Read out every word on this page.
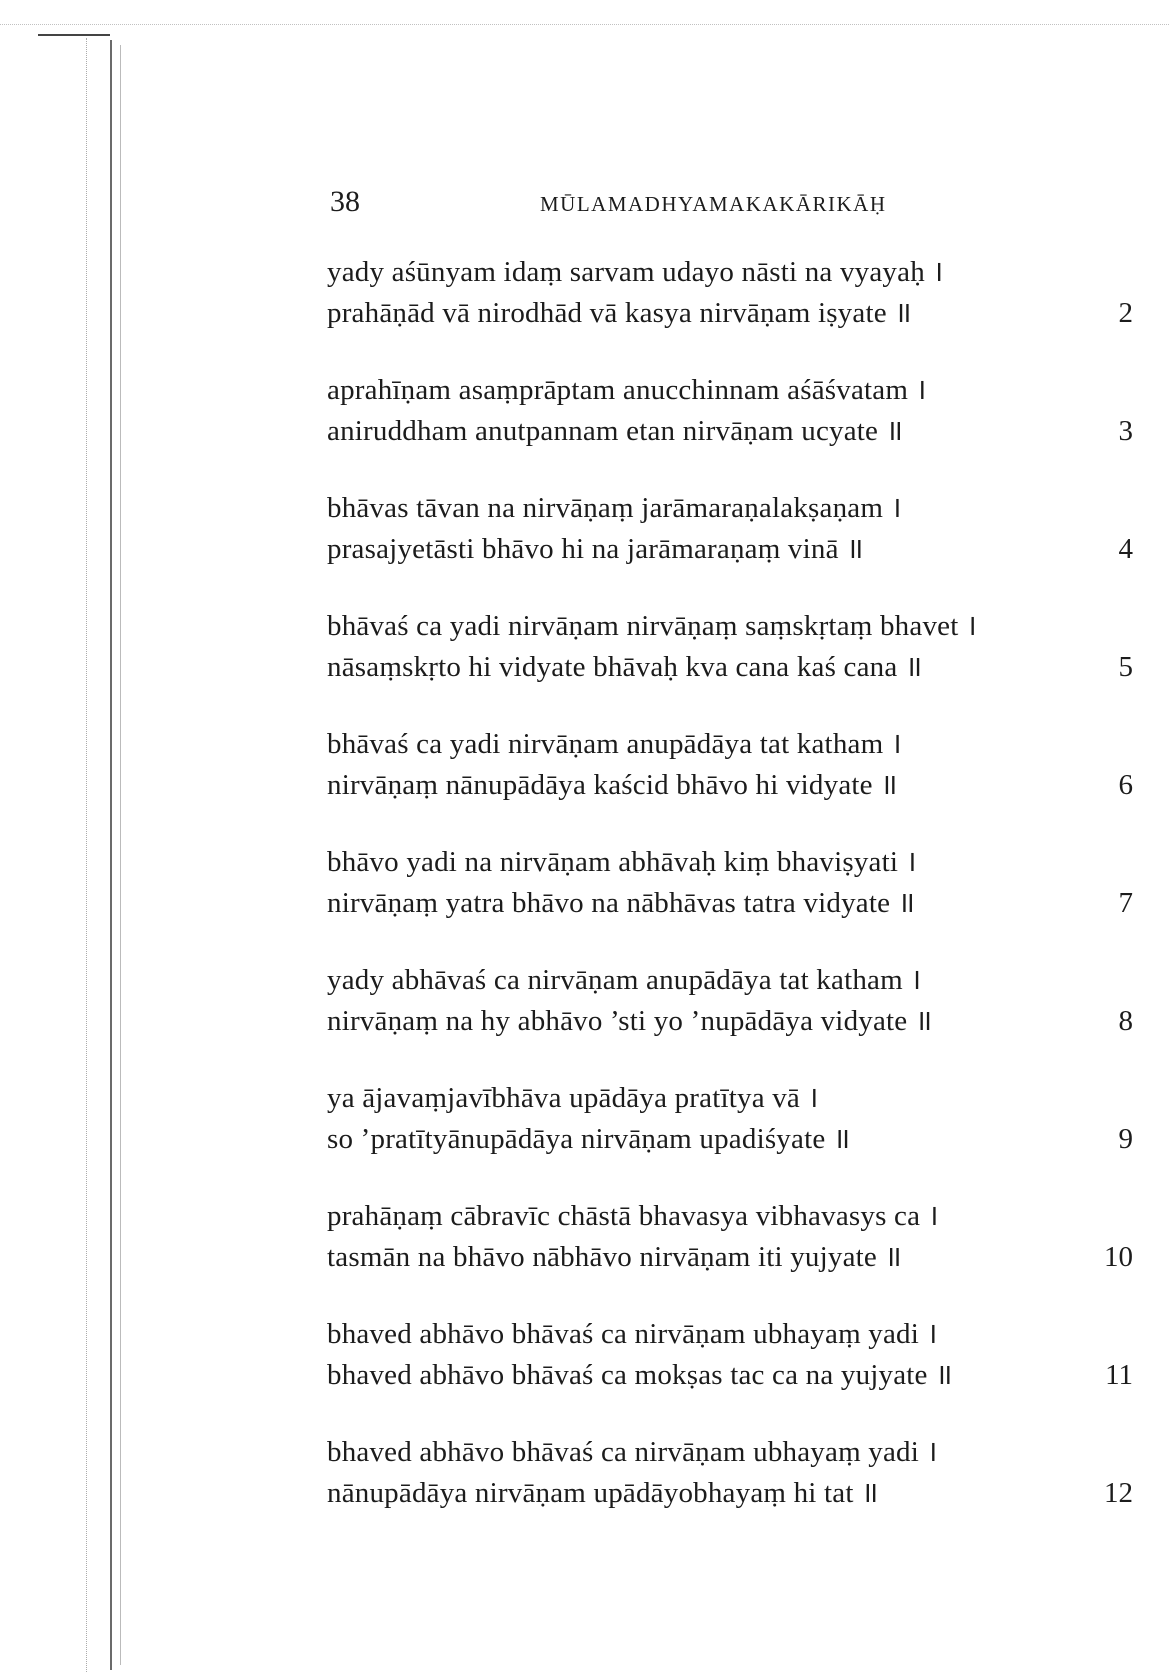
38	MŪLAMADHYAMAKAKĀRIKĀḤ
yady aśūnyam idaṃ sarvam udayo nāsti na vyayaḥ ।
prahāṇād vā nirodhād vā kasya nirvāṇam iṣyate ॥	2
aprahīṇam asaṃprāptam anucchinnam aśāśvatam ।
aniruddham anutpannam etan nirvāṇam ucyate ॥	3
bhāvas tāvan na nirvāṇaṃ jarāmaraṇalakṣaṇam ।
prasajyetāsti bhāvo hi na jarāmaraṇaṃ vinā ॥	4
bhāvaś ca yadi nirvāṇam nirvāṇaṃ saṃskṛtaṃ bhavet ।
nāsaṃskṛto hi vidyate bhāvaḥ kva cana kaś cana ॥	5
bhāvaś ca yadi nirvāṇam anupādāya tat katham ।
nirvāṇaṃ nānupādāya kaścid bhāvo hi vidyate ॥	6
bhāvo yadi na nirvāṇam abhāvaḥ kiṃ bhaviṣyati ।
nirvāṇaṃ yatra bhāvo na nābhāvas tatra vidyate ॥	7
yady abhāvaś ca nirvāṇam anupādāya tat katham ।
nirvāṇaṃ na hy abhāvo ’sti yo ’nupādāya vidyate ॥	8
ya ājavaṃjavībhāva upādāya pratītya vā ।
so ’pratītyānupādāya nirvāṇam upadiśyate ॥	9
prahāṇaṃ cābravīc chāstā bhavasya vibhavasys ca ।
tasmān na bhāvo nābhāvo nirvāṇam iti yujyate ॥	10
bhaved abhāvo bhāvaś ca nirvāṇam ubhayaṃ yadi ।
bhaved abhāvo bhāvaś ca mokṣas tac ca na yujyate ॥	11
bhaved abhāvo bhāvaś ca nirvāṇam ubhayaṃ yadi ।
nānupādāya nirvāṇam upādāyobhayaṃ hi tat ॥	12
